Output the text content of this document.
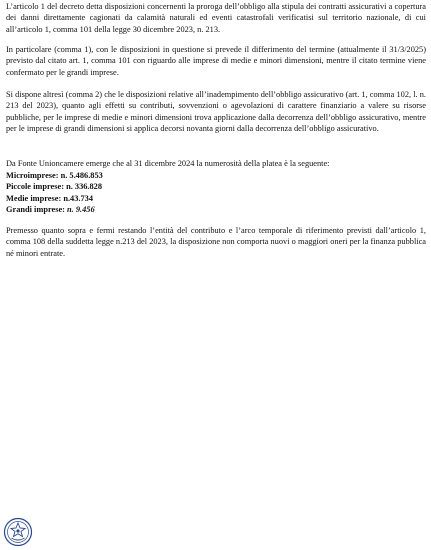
L’articolo 1 del decreto detta disposizioni concernenti la proroga dell’obbligo alla stipula dei contratti assicurativi a copertura dei danni direttamente cagionati da calamità naturali ed eventi catastrofali verificatisi sul territorio nazionale, di cui all’articolo 1, comma 101 della legge 30 dicembre 2023, n. 213.

In particolare (comma 1), con le disposizioni in questione si prevede il differimento del termine (attualmente il 31/3/2025) previsto dal citato art. 1, comma 101 con riguardo alle imprese di medie e minori dimensioni, mentre il citato termine viene confermato per le grandi imprese.

Si dispone altresì (comma 2) che le disposizioni relative all’inadempimento dell’obbligo assicurativo (art. 1, comma 102, l. n. 213 del 2023), quanto agli effetti su contributi, sovvenzioni o agevolazioni di carattere finanziario a valere su risorse pubbliche, per le imprese di medie e minori dimensioni trova applicazione dalla decorrenza dell’obbligo assicurativo, mentre per le imprese di grandi dimensioni si applica decorsi novanta giorni dalla decorrenza dell’obbligo assicurativo.

Da Fonte Unioncamere emerge che al 31 dicembre 2024 la numerosità della platea è la seguente:

Microimprese: n. 5.486.853
Piccole imprese: n. 336.828
Medie imprese: n.43.734
Grandi imprese: n. 9.456

Premesso quanto sopra e fermi restando l’entità del contributo e l’arco temporale di riferimento previsti dall’articolo 1, comma 108 della suddetta legge n.213 del 2023, la disposizione non comporta nuovi o maggiori oneri per la finanza pubblica né minori entrate.
